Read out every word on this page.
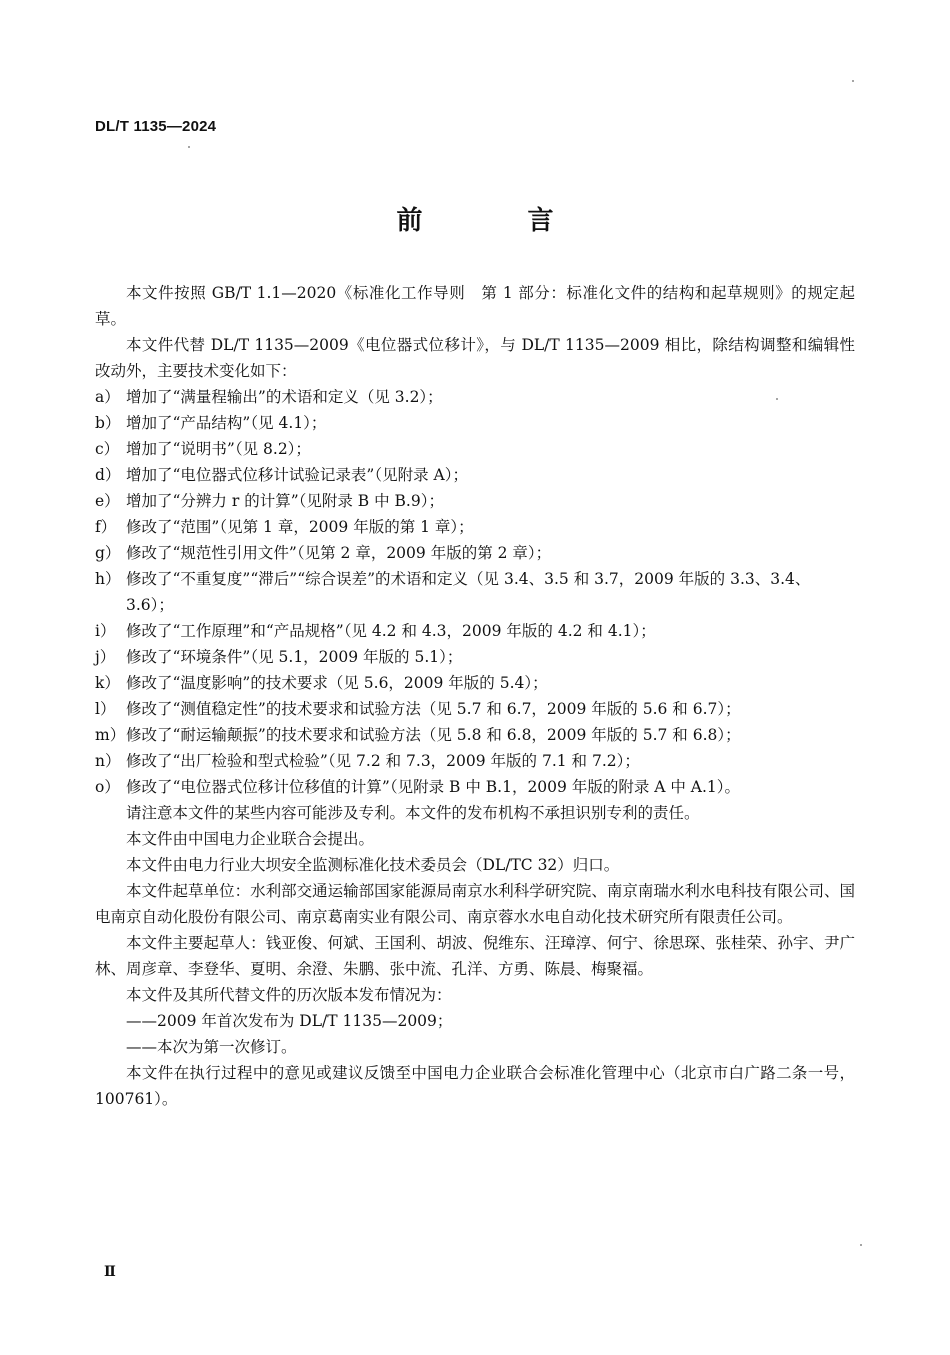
DL/T 1135—2024
前 言

本文件按照 GB/T 1.1—2020《标准化工作导则　第 1 部分：标准化文件的结构和起草规则》的规定起草。

本文件代替 DL/T 1135—2009《电位器式位移计》，与 DL/T 1135—2009 相比，除结构调整和编辑性改动外，主要技术变化如下：

a） 增加了“满量程输出”的术语和定义（见 3.2）；
b） 增加了“产品结构”（见 4.1）；
c） 增加了“说明书”（见 8.2）；
d） 增加了“电位器式位移计试验记录表”（见附录 A）；
e） 增加了“分辨力 r 的计算”（见附录 B 中 B.9）；
f） 修改了“范围”（见第 1 章，2009 年版的第 1 章）；
g） 修改了“规范性引用文件”（见第 2 章，2009 年版的第 2 章）；
h） 修改了“不重复度”“滞后”“综合误差”的术语和定义（见 3.4、3.5 和 3.7，2009 年版的 3.3、3.4、3.6）；
i） 修改了“工作原理”和“产品规格”（见 4.2 和 4.3，2009 年版的 4.2 和 4.1）；
j） 修改了“环境条件”（见 5.1，2009 年版的 5.1）；
k） 修改了“温度影响”的技术要求（见 5.6，2009 年版的 5.4）；
l） 修改了“测值稳定性”的技术要求和试验方法（见 5.7 和 6.7，2009 年版的 5.6 和 6.7）；
m） 修改了“耐运输颠振”的技术要求和试验方法（见 5.8 和 6.8，2009 年版的 5.7 和 6.8）；
n） 修改了“出厂检验和型式检验”（见 7.2 和 7.3，2009 年版的 7.1 和 7.2）；
o） 修改了“电位器式位移计位移值的计算”（见附录 B 中 B.1，2009 年版的附录 A 中 A.1）。

请注意本文件的某些内容可能涉及专利。本文件的发布机构不承担识别专利的责任。

本文件由中国电力企业联合会提出。

本文件由电力行业大坝安全监测标准化技术委员会（DL/TC 32）归口。

本文件起草单位：水利部交通运输部国家能源局南京水利科学研究院、南京南瑞水利水电科技有限公司、国电南京自动化股份有限公司、南京葛南实业有限公司、南京蓉水水电自动化技术研究所有限责任公司。

本文件主要起草人：钱亚俊、何斌、王国利、胡波、倪维东、汪璋淳、何宁、徐思琛、张桂荣、孙宇、尹广林、周彦章、李登华、夏明、余澄、朱鹏、张中流、孔洋、方勇、陈晨、梅聚福。

本文件及其所代替文件的历次版本发布情况为：

——2009 年首次发布为 DL/T 1135—2009；

——本次为第一次修订。

本文件在执行过程中的意见或建议反馈至中国电力企业联合会标准化管理中心（北京市白广路二条一号，100761）。

Ⅱ
